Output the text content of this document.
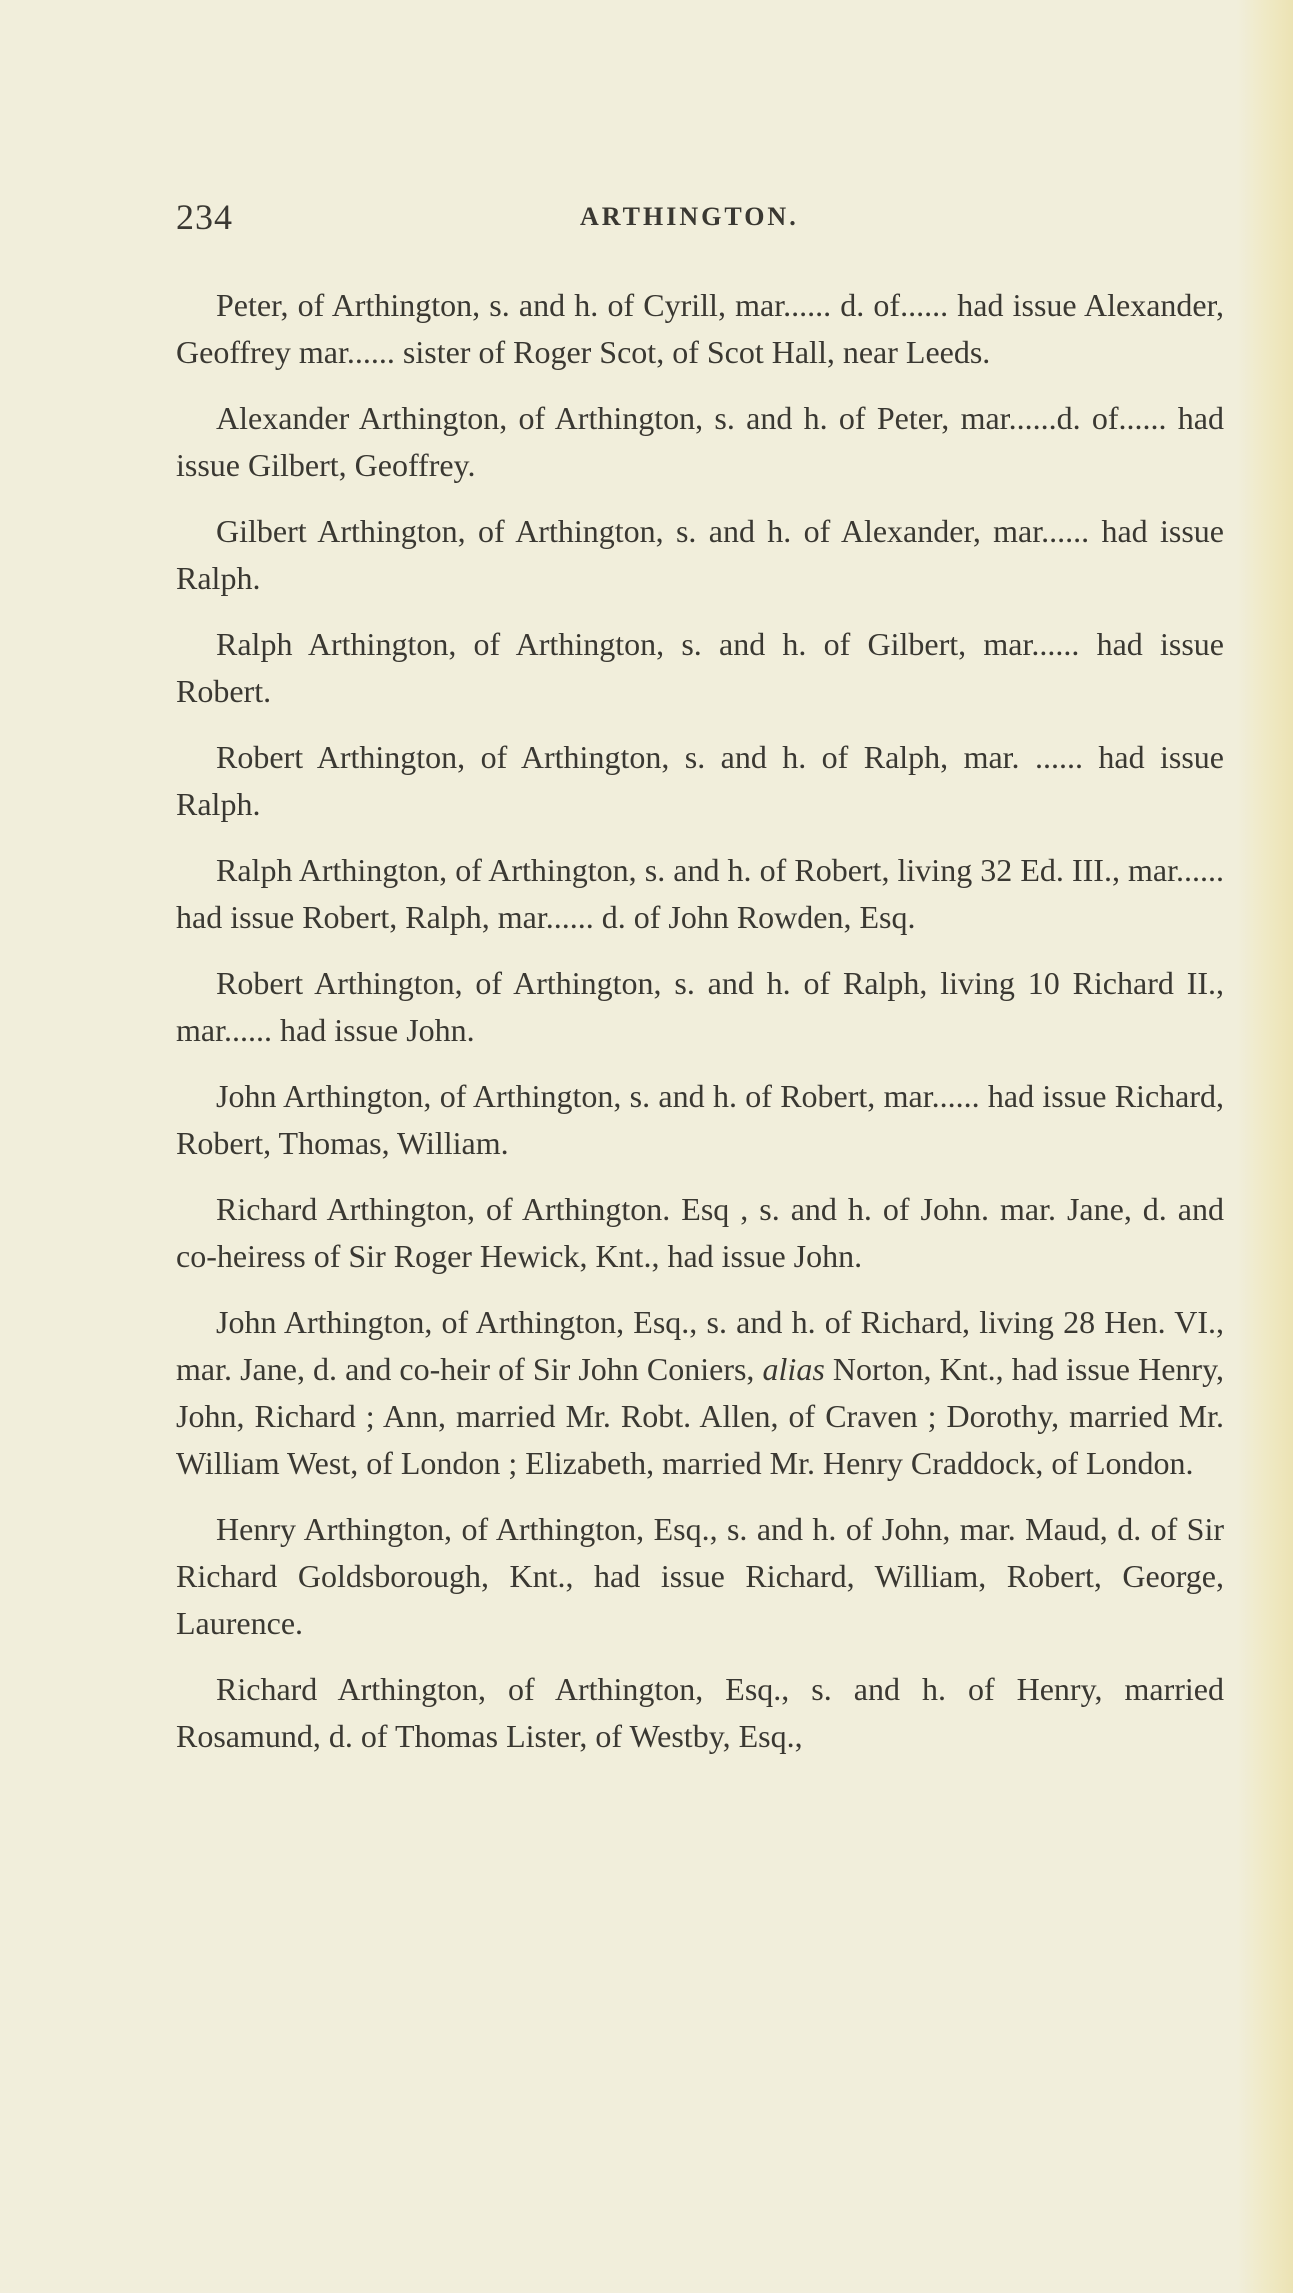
234	ARTHINGTON.

Peter, of Arthington, s. and h. of Cyrill, mar...... d. of...... had issue Alexander, Geoffrey mar...... sister of Roger Scot, of Scot Hall, near Leeds.

Alexander Arthington, of Arthington, s. and h. of Peter, mar......d. of...... had issue Gilbert, Geoffrey.

Gilbert Arthington, of Arthington, s. and h. of Alexander, mar...... had issue Ralph.

Ralph Arthington, of Arthington, s. and h. of Gilbert, mar...... had issue Robert.

Robert Arthington, of Arthington, s. and h. of Ralph, mar. ...... had issue Ralph.

Ralph Arthington, of Arthington, s. and h. of Robert, living 32 Ed. III., mar...... had issue Robert, Ralph, mar...... d. of John Rowden, Esq.

Robert Arthington, of Arthington, s. and h. of Ralph, living 10 Richard II., mar...... had issue John.

John Arthington, of Arthington, s. and h. of Robert, mar...... had issue Richard, Robert, Thomas, William.

Richard Arthington, of Arthington. Esq , s. and h. of John. mar. Jane, d. and co-heiress of Sir Roger Hewick, Knt., had issue John.

John Arthington, of Arthington, Esq., s. and h. of Richard, living 28 Hen. VI., mar. Jane, d. and co-heir of Sir John Coniers, alias Norton, Knt., had issue Henry, John, Richard ; Ann, married Mr. Robt. Allen, of Craven ; Dorothy, married Mr. William West, of London ; Elizabeth, married Mr. Henry Craddock, of London.

Henry Arthington, of Arthington, Esq., s. and h. of John, mar. Maud, d. of Sir Richard Goldsborough, Knt., had issue Richard, William, Robert, George, Laurence.

Richard Arthington, of Arthington, Esq., s. and h. of Henry, married Rosamund, d. of Thomas Lister, of Westby, Esq.,
